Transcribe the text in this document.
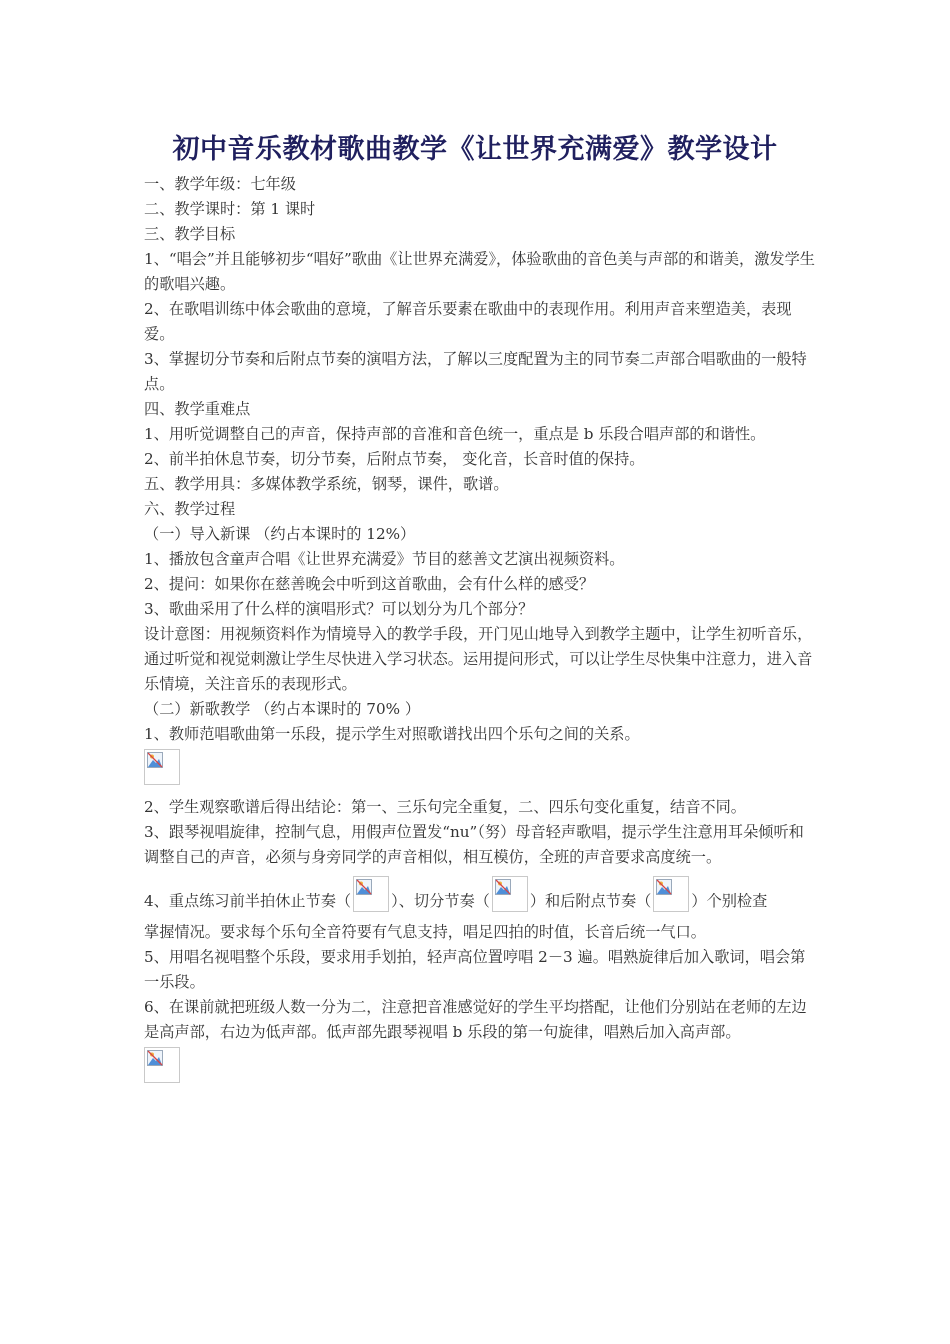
初中音乐教材歌曲教学《让世界充满爱》教学设计

一、教学年级：七年级

二、教学课时：第 1 课时

三、教学目标

1、“唱会”并且能够初步“唱好”歌曲《让世界充满爱》，体验歌曲的音色美与声部的和谐美，激发学生的歌唱兴趣。

2、在歌唱训练中体会歌曲的意境，了解音乐要素在歌曲中的表现作用。利用声音来塑造美，表现爱。

3、掌握切分节奏和后附点节奏的演唱方法，了解以三度配置为主的同节奏二声部合唱歌曲的一般特点。

四、教学重难点

1、用听觉调整自己的声音，保持声部的音准和音色统一，重点是 b 乐段合唱声部的和谐性。

2、前半拍休息节奏，切分节奏，后附点节奏， 变化音，长音时值的保持。

五、教学用具：多媒体教学系统，钢琴，课件，歌谱。

六、教学过程

（一）导入新课 （约占本课时的 12%）

1、播放包含童声合唱《让世界充满爱》节目的慈善文艺演出视频资料。

2、提问：如果你在慈善晚会中听到这首歌曲，会有什么样的感受？

3、歌曲采用了什么样的演唱形式？可以划分为几个部分？

设计意图：用视频资料作为情境导入的教学手段，开门见山地导入到教学主题中，让学生初听音乐，通过听觉和视觉刺激让学生尽快进入学习状态。运用提问形式，可以让学生尽快集中注意力，进入音乐情境，关注音乐的表现形式。

（二）新歌教学 （约占本课时的 70% ）

1、教师范唱歌曲第一乐段，提示学生对照歌谱找出四个乐句之间的关系。

2、学生观察歌谱后得出结论：第一、三乐句完全重复，二、四乐句变化重复，结音不同。

3、跟琴视唱旋律，控制气息，用假声位置发“nu”（努）母音轻声歌唱，提示学生注意用耳朵倾听和调整自己的声音，必须与身旁同学的声音相似，相互模仿，全班的声音要求高度统一。

4、重点练习前半拍休止节奏（	）、切分节奏（	）和后附点节奏（	）个别检查

掌握情况。要求每个乐句全音符要有气息支持，唱足四拍的时值，长音后统一气口。

5、用唱名视唱整个乐段，要求用手划拍，轻声高位置哼唱 2－3 遍。唱熟旋律后加入歌词，唱会第一乐段。

6、在课前就把班级人数一分为二，注意把音准感觉好的学生平均搭配，让他们分别站在老师的左边是高声部，右边为低声部。低声部先跟琴视唱 b 乐段的第一句旋律，唱熟后加入高声部。
